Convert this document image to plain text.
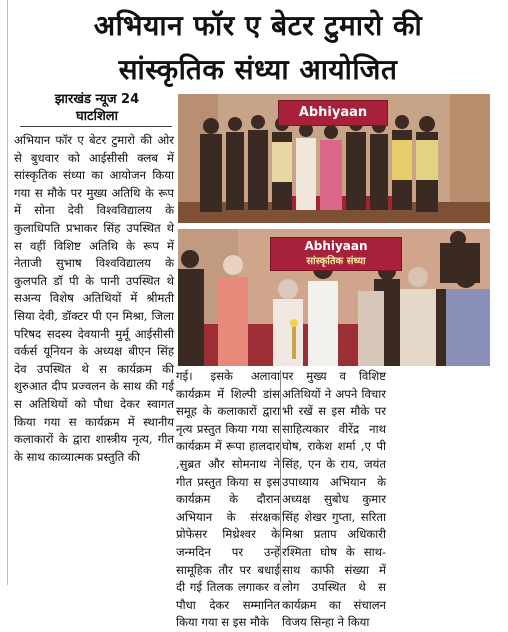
अभियान फॉर ए बेटर टुमारो की
सांस्कृतिक संध्या आयोजित
झारखंड न्यूज 24
घाटशिला
अभियान फॉर ए बेटर टुमारो की ओर से बुधवार को आईसीसी क्लब में सांस्कृतिक संध्या का आयोजन किया गया स मौके पर मुख्य अतिथि के रूप में सोना देवी विश्वविद्यालय के कुलाधिपति प्रभाकर सिंह उपस्थित थे स वहीं विशिष्ट अतिथि के रूप में नेताजी सुभाष विश्वविद्यालय के कुलपति डॉ पी के पानी उपस्थित थे सअन्य विशेष अतिथियों में श्रीमती सिया देवी, डॉक्टर पी एन मिश्रा, जिला परिषद सदस्य देवयानी मुर्मू आईसीसी वर्कर्स यूनियन के अध्यक्ष बीएन सिंह देव उपस्थित थे स कार्यक्रम की शुरुआत दीप प्रज्वलन के साथ की गई स अतिथियों को पौधा देकर स्वागत किया गया स कार्यक्रम में स्थानीय कलाकारों के द्वारा शास्त्रीय नृत्य, गीत के साथ काव्यात्मक प्रस्तुति की
Abhiyaan
Abhiyaan
सांस्कृतिक संध्या
गई। इसके अलावा कार्यक्रम में शिल्पी डांस समूह के कलाकारों द्वारा नृत्य प्रस्तुत किया गया स कार्यक्रम में रूपा हालदार ,सुब्रत और सोमनाथ ने गीत प्रस्तुत किया स इस कार्यक्रम के दौरान अभियान के संरक्षक प्रोफेसर मिथ्रेश्वर के जन्मदिन पर उन्हें सामूहिक तौर पर बधाई दी गई तिलक लगाकर व पौधा देकर सम्मानित किया गया स इस मौके
पर मुख्य व विशिष्ट अतिथियों ने अपने विचार भी रखें स इस मौके पर साहित्यकार वीरेंद्र नाथ घोष, राकेश शर्मा ,ए पी सिंह, एन के राय, जयंत उपाध्याय अभियान के अध्यक्ष सुबोध कुमार सिंह शेखर गुप्ता, सरिता मिश्रा प्रताप अधिकारी रश्मिता घोष के साथ-साथ काफी संख्या में लोग उपस्थित थे स कार्यक्रम का संचालन विजय सिन्हा ने किया
